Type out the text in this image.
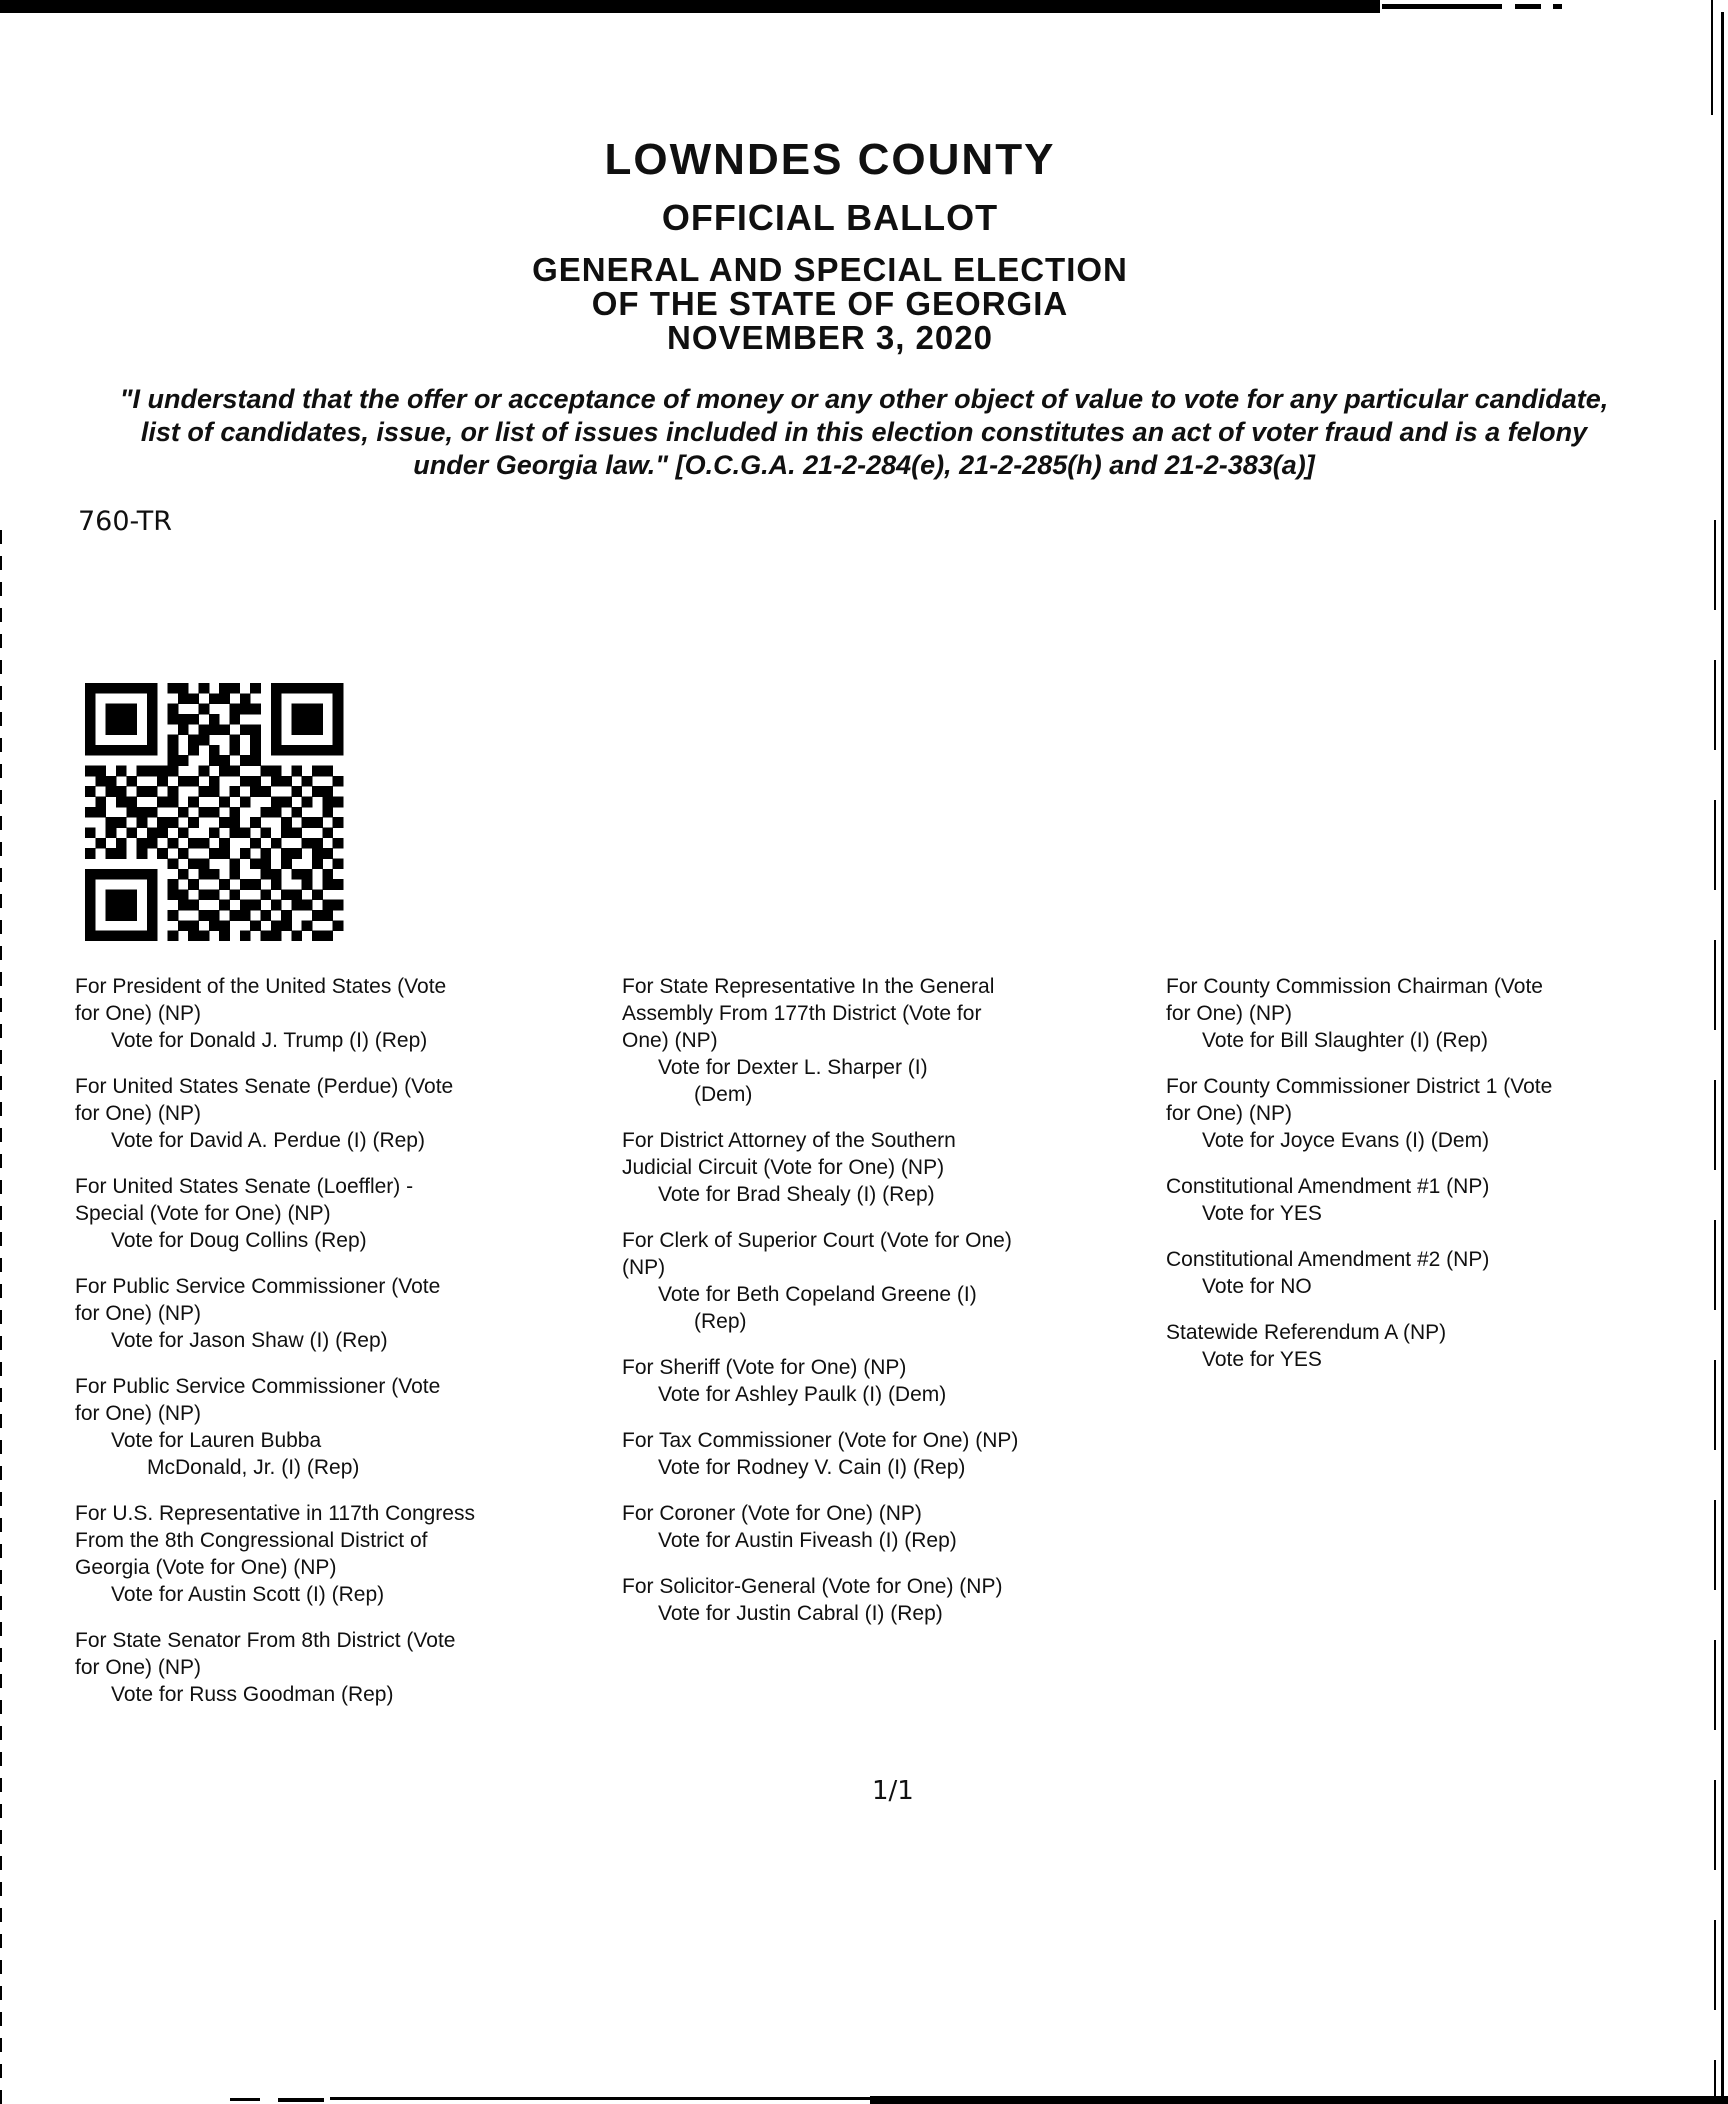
LOWNDES COUNTY
OFFICIAL BALLOT
GENERAL AND SPECIAL ELECTION
OF THE STATE OF GEORGIA
NOVEMBER 3, 2020
"I understand that the offer or acceptance of money or any other object of value to vote for any particular candidate,
list of candidates, issue, or list of issues included in this election constitutes an act of voter fraud and is a felony
under Georgia law." [O.C.G.A. 21-2-284(e), 21-2-285(h) and 21-2-383(a)]
760-TR
For President of the United States (Vote
for One) (NP)
Vote for Donald J. Trump (I) (Rep)
For United States Senate (Perdue) (Vote
for One) (NP)
Vote for David A. Perdue (I) (Rep)
For United States Senate (Loeffler) -
Special (Vote for One) (NP)
Vote for Doug Collins (Rep)
For Public Service Commissioner (Vote
for One) (NP)
Vote for Jason Shaw (I) (Rep)
For Public Service Commissioner (Vote
for One) (NP)
Vote for Lauren Bubba
McDonald, Jr. (I) (Rep)
For U.S. Representative in 117th Congress
From the 8th Congressional District of
Georgia (Vote for One) (NP)
Vote for Austin Scott (I) (Rep)
For State Senator From 8th District (Vote
for One) (NP)
Vote for Russ Goodman (Rep)
For State Representative In the General
Assembly From 177th District (Vote for
One) (NP)
Vote for Dexter L. Sharper (I)
(Dem)
For District Attorney of the Southern
Judicial Circuit (Vote for One) (NP)
Vote for Brad Shealy (I) (Rep)
For Clerk of Superior Court (Vote for One)
(NP)
Vote for Beth Copeland Greene (I)
(Rep)
For Sheriff (Vote for One) (NP)
Vote for Ashley Paulk (I) (Dem)
For Tax Commissioner (Vote for One) (NP)
Vote for Rodney V. Cain (I) (Rep)
For Coroner (Vote for One) (NP)
Vote for Austin Fiveash (I) (Rep)
For Solicitor-General (Vote for One) (NP)
Vote for Justin Cabral (I) (Rep)
For County Commission Chairman (Vote
for One) (NP)
Vote for Bill Slaughter (I) (Rep)
For County Commissioner District 1 (Vote
for One) (NP)
Vote for Joyce Evans (I) (Dem)
Constitutional Amendment #1 (NP)
Vote for YES
Constitutional Amendment #2 (NP)
Vote for NO
Statewide Referendum A (NP)
Vote for YES
1/1
